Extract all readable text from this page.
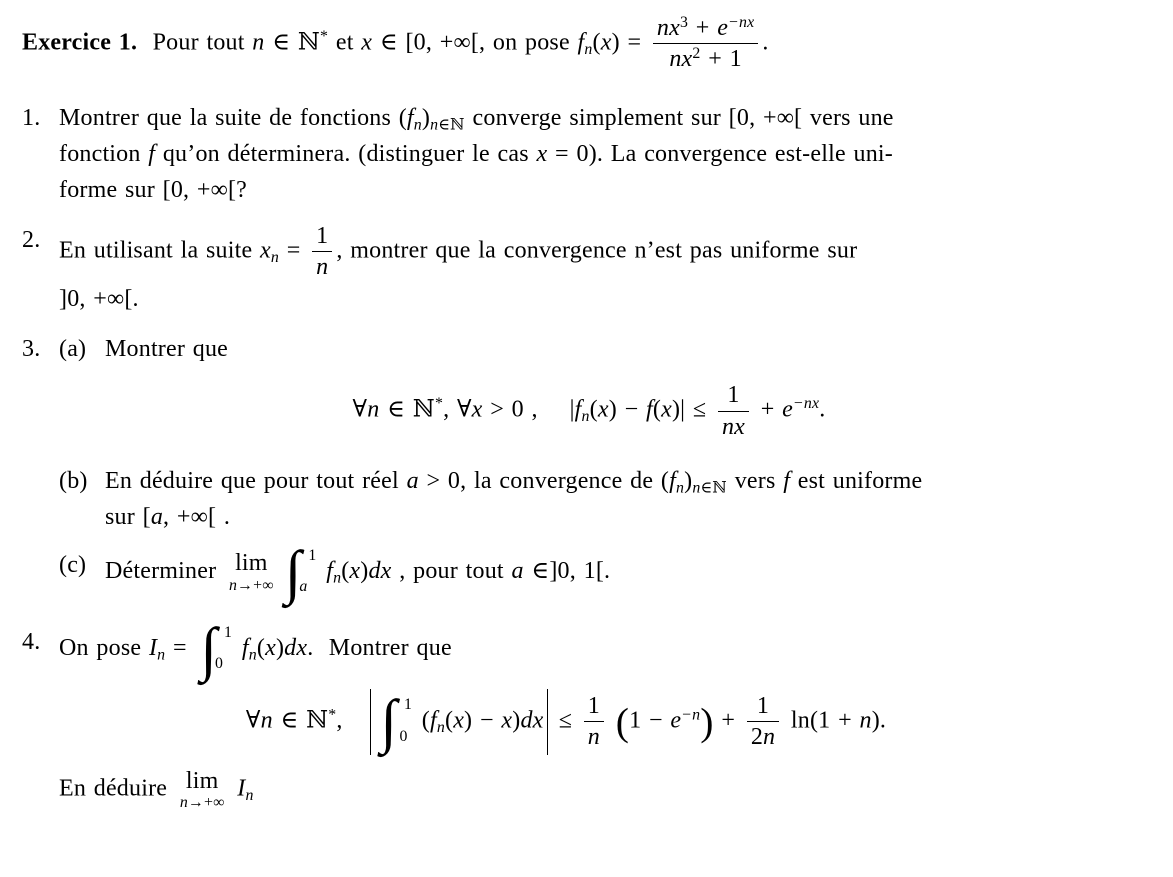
Exercice 1.  Pour tout n ∈ ℕ* et x ∈ [0, +∞[, on pose $f_n(x) = \frac{nx^3 + e^{-nx}}{nx^2 + 1}$ .
1. Montrer que la suite de fonctions $(f_n)_{n\in ℕ}$ converge simplement sur [0, +∞[ vers une
fonction f qu’on déterminera. (distinguer le cas x = 0). La convergence est-elle uni-
forme sur [0, +∞[?
2. En utilisant la suite $x_n = \frac{1}{n}$ , montrer que la convergence n’est pas uniforme sur
]0, +∞[.
3. (a) Montrer que
∀n ∈ ℕ*, ∀x > 0 ,  $|f_n(x) - f(x)| \le \frac{1}{nx} + e^{-nx}$.
(b) En déduire que pour tout réel a > 0, la convergence de $(f_n)_{n\in ℕ}$ vers f est uniforme
sur [a, +∞[ .
(c) Déterminer lim
n→+∞ ∫ 1
a
$f_n(x)dx$ , pour tout a ∈]0, 1[.
4. On pose $I_n$ = ∫ 1
0
$f_n(x)dx$.  Montrer que
∀n ∈ ℕ*,  ∫ 1
0
$(f_n(x) - x)dx \le \frac{1}{n} (1 - e^{-n}) + \frac{1}{2n} \ln(1 + n)$.
En déduire lim
n→+∞
$I_n$
